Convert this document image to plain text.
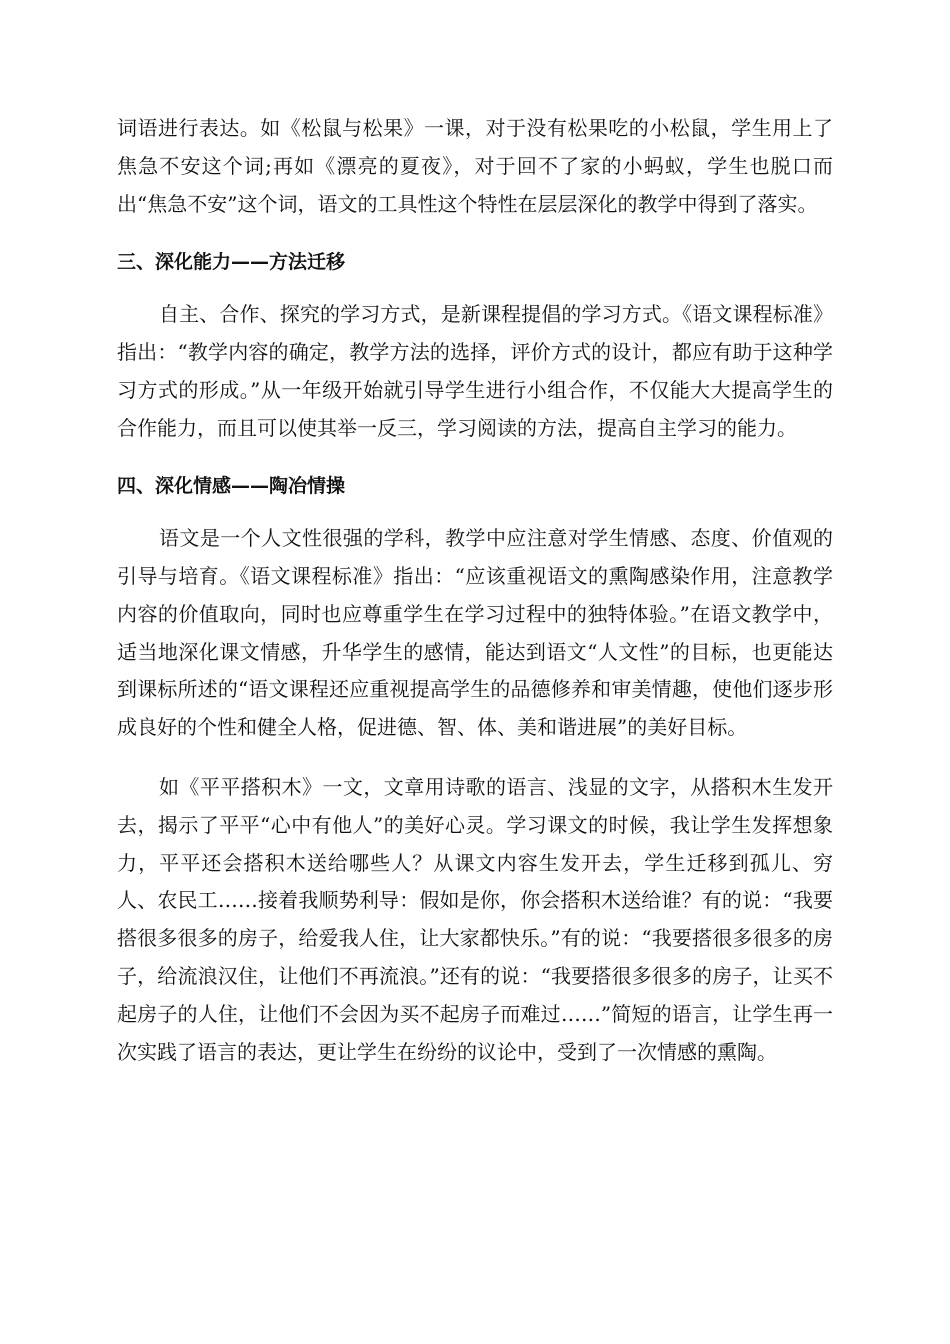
词语进行表达。如《松鼠与松果》一课，对于没有松果吃的小松鼠，学生用上了焦急不安这个词;再如《漂亮的夏夜》，对于回不了家的小蚂蚁，学生也脱口而出“焦急不安”这个词，语文的工具性这个特性在层层深化的教学中得到了落实。

三、深化能力——方法迁移

自主、合作、探究的学习方式，是新课程提倡的学习方式。《语文课程标准》指出：“教学内容的确定，教学方法的选择，评价方式的设计，都应有助于这种学习方式的形成。”从一年级开始就引导学生进行小组合作，不仅能大大提高学生的合作能力，而且可以使其举一反三，学习阅读的方法，提高自主学习的能力。

四、深化情感——陶冶情操

语文是一个人文性很强的学科，教学中应注意对学生情感、态度、价值观的引导与培育。《语文课程标准》指出：“应该重视语文的熏陶感染作用，注意教学内容的价值取向，同时也应尊重学生在学习过程中的独特体验。”在语文教学中，适当地深化课文情感，升华学生的感情，能达到语文“人文性”的目标，也更能达到课标所述的“语文课程还应重视提高学生的品德修养和审美情趣，使他们逐步形成良好的个性和健全人格，促进德、智、体、美和谐进展”的美好目标。

如《平平搭积木》一文，文章用诗歌的语言、浅显的文字，从搭积木生发开去，揭示了平平“心中有他人”的美好心灵。学习课文的时候，我让学生发挥想象力，平平还会搭积木送给哪些人？从课文内容生发开去，学生迁移到孤儿、穷人、农民工……接着我顺势利导：假如是你，你会搭积木送给谁？有的说：“我要搭很多很多的房子，给爱我人住，让大家都快乐。”有的说：“我要搭很多很多的房子，给流浪汉住，让他们不再流浪。”还有的说：“我要搭很多很多的房子，让买不起房子的人住，让他们不会因为买不起房子而难过……”简短的语言，让学生再一次实践了语言的表达，更让学生在纷纷的议论中，受到了一次情感的熏陶。
